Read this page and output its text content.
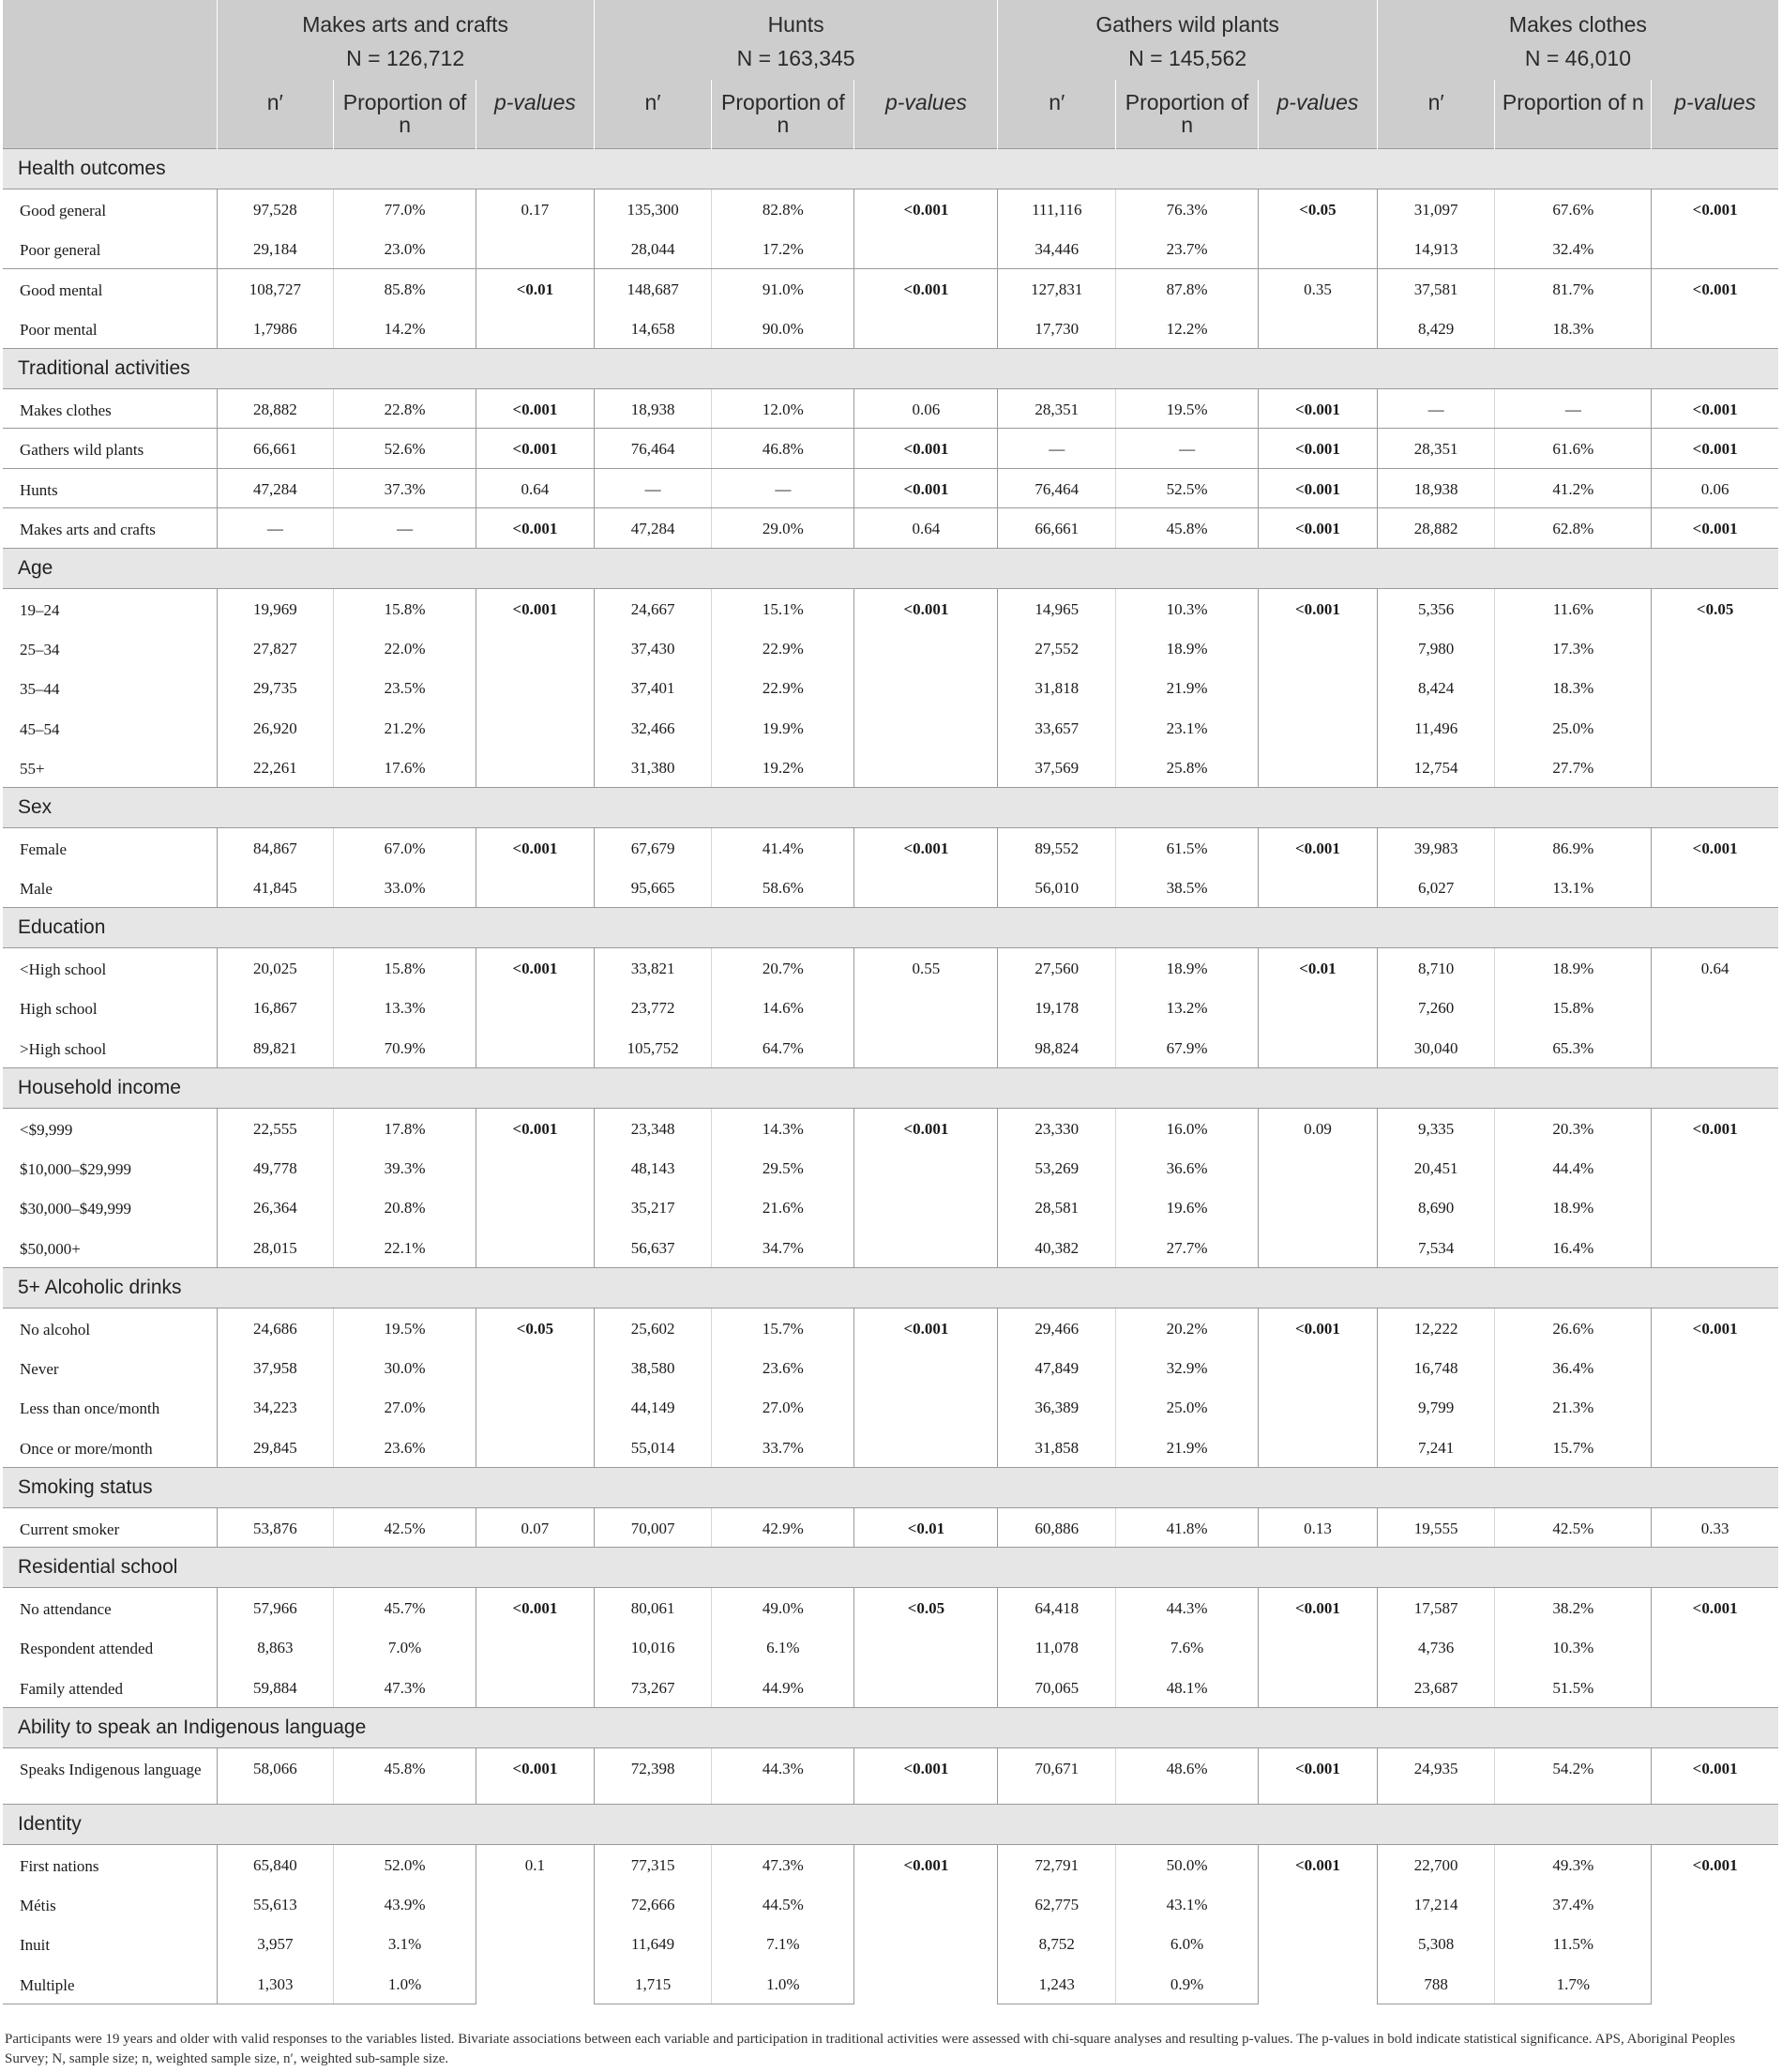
	Makes arts and crafts			Hunts			Gathers wild plants			Makes clothes		
	N = 126,712			N = 163,345			N = 145,562			N = 46,010		
	n′	Proportion of n	p-values	n′	Proportion of n	p-values	n′	Proportion of n	p-values	n′	Proportion of n	p-values
Health outcomes												
Good general	97,528	77.0%	0.17	135,300	82.8%	<0.001	111,116	76.3%	<0.05	31,097	67.6%	<0.001
Poor general	29,184	23.0%		28,044	17.2%		34,446	23.7%		14,913	32.4%	
Good mental	108,727	85.8%	<0.01	148,687	91.0%	<0.001	127,831	87.8%	0.35	37,581	81.7%	<0.001
Poor mental	1,7986	14.2%		14,658	90.0%		17,730	12.2%		8,429	18.3%	
Traditional activities												
Makes clothes	28,882	22.8%	<0.001	18,938	12.0%	0.06	28,351	19.5%	<0.001	—	—	<0.001
Gathers wild plants	66,661	52.6%	<0.001	76,464	46.8%	<0.001	—	—	<0.001	28,351	61.6%	<0.001
Hunts	47,284	37.3%	0.64	—	—	<0.001	76,464	52.5%	<0.001	18,938	41.2%	0.06
Makes arts and crafts	—	—	<0.001	47,284	29.0%	0.64	66,661	45.8%	<0.001	28,882	62.8%	<0.001
Age												
19–24	19,969	15.8%	<0.001	24,667	15.1%	<0.001	14,965	10.3%	<0.001	5,356	11.6%	<0.05
25–34	27,827	22.0%		37,430	22.9%		27,552	18.9%		7,980	17.3%	
35–44	29,735	23.5%		37,401	22.9%		31,818	21.9%		8,424	18.3%	
45–54	26,920	21.2%		32,466	19.9%		33,657	23.1%		11,496	25.0%	
55+	22,261	17.6%		31,380	19.2%		37,569	25.8%		12,754	27.7%	
Sex												
Female	84,867	67.0%	<0.001	67,679	41.4%	<0.001	89,552	61.5%	<0.001	39,983	86.9%	<0.001
Male	41,845	33.0%		95,665	58.6%		56,010	38.5%		6,027	13.1%	
Education												
<High school	20,025	15.8%	<0.001	33,821	20.7%	0.55	27,560	18.9%	<0.01	8,710	18.9%	0.64
High school	16,867	13.3%		23,772	14.6%		19,178	13.2%		7,260	15.8%	
>High school	89,821	70.9%		105,752	64.7%		98,824	67.9%		30,040	65.3%	
Household income												
<$9,999	22,555	17.8%	<0.001	23,348	14.3%	<0.001	23,330	16.0%	0.09	9,335	20.3%	<0.001
$10,000–$29,999	49,778	39.3%		48,143	29.5%		53,269	36.6%		20,451	44.4%	
$30,000–$49,999	26,364	20.8%		35,217	21.6%		28,581	19.6%		8,690	18.9%	
$50,000+	28,015	22.1%		56,637	34.7%		40,382	27.7%		7,534	16.4%	
5+ Alcoholic drinks												
No alcohol	24,686	19.5%	<0.05	25,602	15.7%	<0.001	29,466	20.2%	<0.001	12,222	26.6%	<0.001
Never	37,958	30.0%		38,580	23.6%		47,849	32.9%		16,748	36.4%	
Less than once/month	34,223	27.0%		44,149	27.0%		36,389	25.0%		9,799	21.3%	
Once or more/month	29,845	23.6%		55,014	33.7%		31,858	21.9%		7,241	15.7%	
Smoking status												
Current smoker	53,876	42.5%	0.07	70,007	42.9%	<0.01	60,886	41.8%	0.13	19,555	42.5%	0.33
Residential school												
No attendance	57,966	45.7%	<0.001	80,061	49.0%	<0.05	64,418	44.3%	<0.001	17,587	38.2%	<0.001
Respondent attended	8,863	7.0%		10,016	6.1%		11,078	7.6%		4,736	10.3%	
Family attended	59,884	47.3%		73,267	44.9%		70,065	48.1%		23,687	51.5%	
Ability to speak an Indigenous language												
Speaks Indigenous language	58,066	45.8%	<0.001	72,398	44.3%	<0.001	70,671	48.6%	<0.001	24,935	54.2%	<0.001
Identity												
First nations	65,840	52.0%	0.1	77,315	47.3%	<0.001	72,791	50.0%	<0.001	22,700	49.3%	<0.001
Métis	55,613	43.9%		72,666	44.5%		62,775	43.1%		17,214	37.4%	
Inuit	3,957	3.1%		11,649	7.1%		8,752	6.0%		5,308	11.5%	
Multiple	1,303	1.0%		1,715	1.0%		1,243	0.9%		788	1.7%	
Participants were 19 years and older with valid responses to the variables listed. Bivariate associations between each variable and participation in traditional activities were assessed with chi-square analyses and resulting p-values. The p-values in bold indicate statistical significance. APS, Aboriginal Peoples Survey; N, sample size; n, weighted sample size, n′, weighted sub-sample size.
